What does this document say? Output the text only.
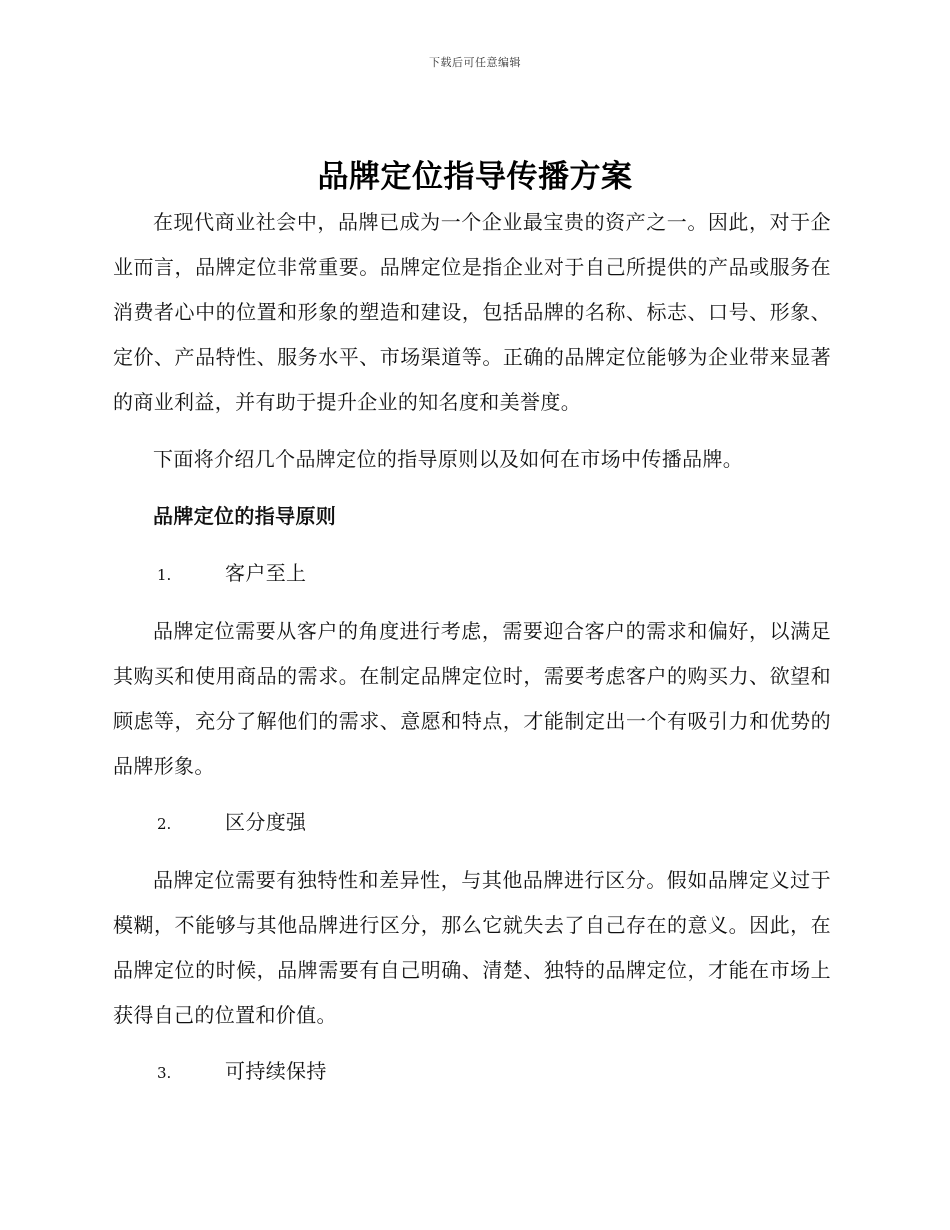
下载后可任意编辑
品牌定位指导传播方案

在现代商业社会中，品牌已成为一个企业最宝贵的资产之一。因此，对于企业而言，品牌定位非常重要。品牌定位是指企业对于自己所提供的产品或服务在消费者心中的位置和形象的塑造和建设，包括品牌的名称、标志、口号、形象、定价、产品特性、服务水平、市场渠道等。正确的品牌定位能够为企业带来显著的商业利益，并有助于提升企业的知名度和美誉度。

下面将介绍几个品牌定位的指导原则以及如何在市场中传播品牌。

品牌定位的指导原则

1.	客户至上

品牌定位需要从客户的角度进行考虑，需要迎合客户的需求和偏好，以满足其购买和使用商品的需求。在制定品牌定位时，需要考虑客户的购买力、欲望和顾虑等，充分了解他们的需求、意愿和特点，才能制定出一个有吸引力和优势的品牌形象。

2.	区分度强

品牌定位需要有独特性和差异性，与其他品牌进行区分。假如品牌定义过于模糊，不能够与其他品牌进行区分，那么它就失去了自己存在的意义。因此，在品牌定位的时候，品牌需要有自己明确、清楚、独特的品牌定位，才能在市场上获得自己的位置和价值。

3.	可持续保持
